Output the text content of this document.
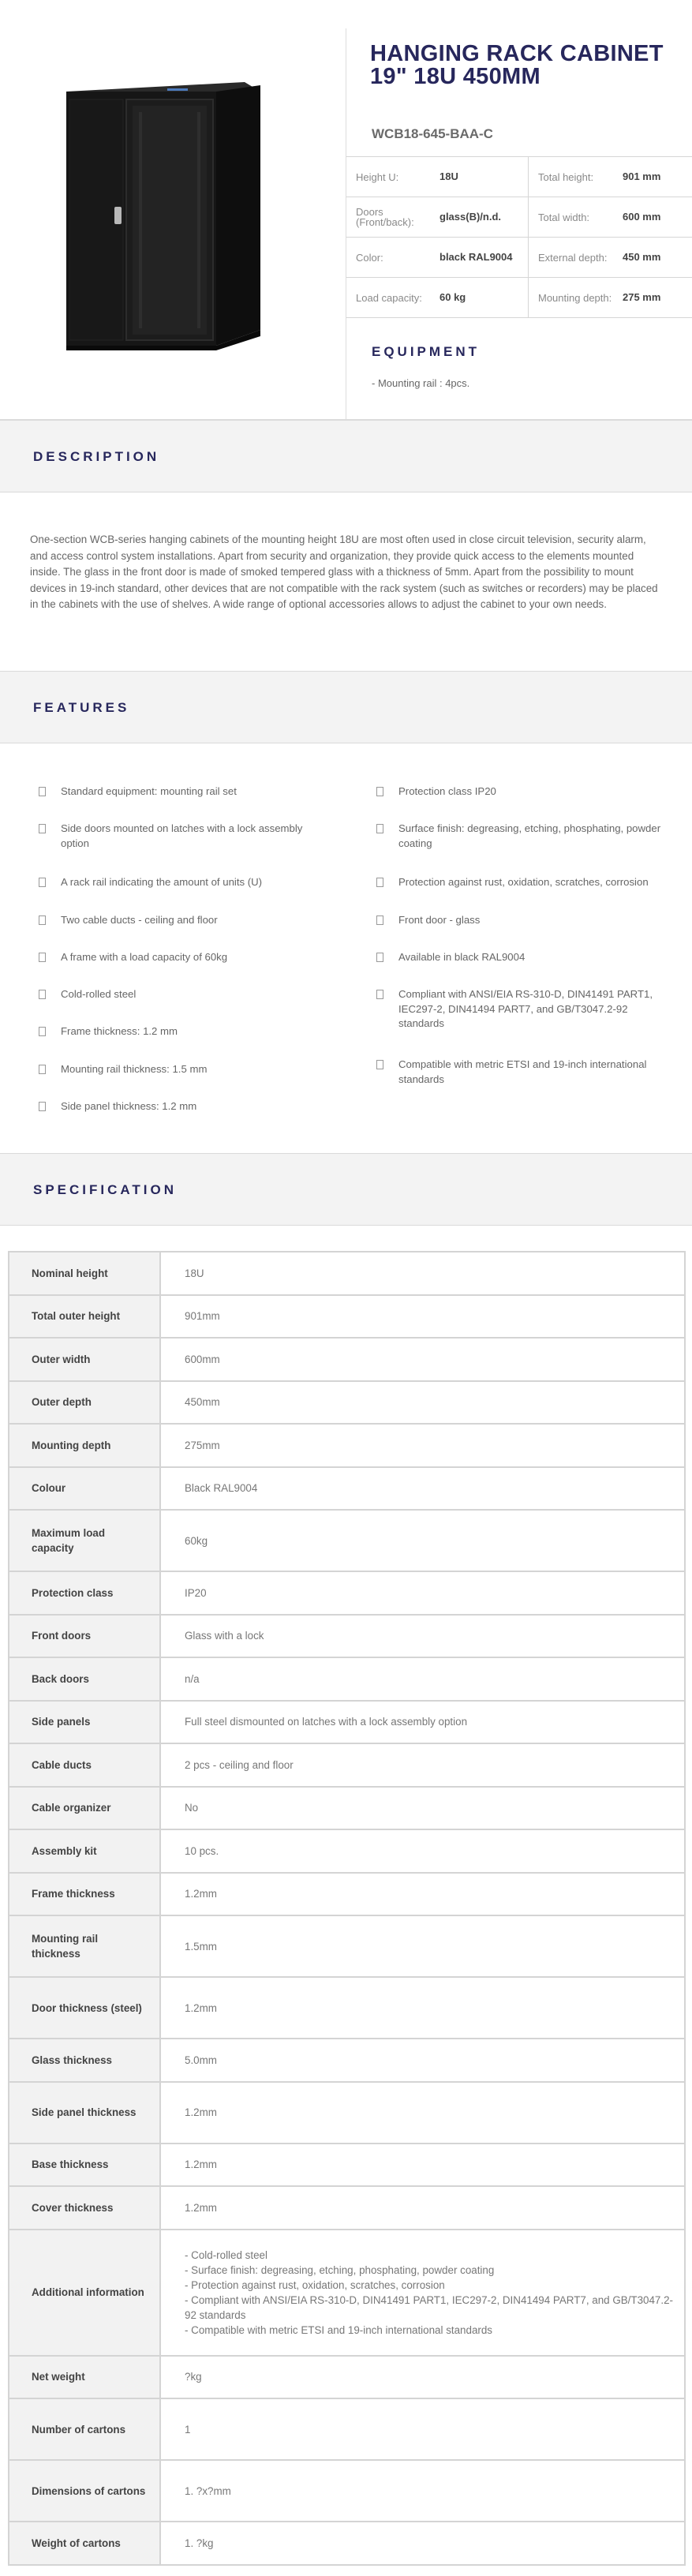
HANGING RACK CABINET 19" 18U 450MM
WCB18-645-BAA-C
Height U:	18U	Total height:	901 mm
Doors (Front/back):	glass(B)/n.d.	Total width:	600 mm
Color:	black RAL9004	External depth:	450 mm
Load capacity:	60 kg	Mounting depth:	275 mm
EQUIPMENT
- Mounting rail : 4pcs.
DESCRIPTION

One-section WCB-series hanging cabinets of the mounting height 18U are most often used in close circuit television, security alarm, and access control system installations. Apart from security and organization, they provide quick access to the elements mounted inside. The glass in the front door is made of smoked tempered glass with a thickness of 5mm. Apart from the possibility to mount devices in 19-inch standard, other devices that are not compatible with the rack system (such as switches or recorders) may be placed in the cabinets with the use of shelves. A wide range of optional accessories allows to adjust the cabinet to your own needs.

FEATURES
Standard equipment: mounting rail set
Side doors mounted on latches with a lock assembly option
A rack rail indicating the amount of units (U)
Two cable ducts - ceiling and floor
A frame with a load capacity of 60kg
Cold-rolled steel
Frame thickness: 1.2 mm
Mounting rail thickness: 1.5 mm
Side panel thickness: 1.2 mm
Protection class IP20
Surface finish: degreasing, etching, phosphating, powder coating
Protection against rust, oxidation, scratches, corrosion
Front door - glass
Available in black RAL9004
Compliant with ANSI/EIA RS-310-D, DIN41491 PART1, IEC297-2, DIN41494 PART7, and GB/T3047.2-92 standards
Compatible with metric ETSI and 19-inch international standards
SPECIFICATION
Nominal height	18U
Total outer height	901mm
Outer width	600mm
Outer depth	450mm
Mounting depth	275mm
Colour	Black RAL9004
Maximum load capacity	60kg
Protection class	IP20
Front doors	Glass with a lock
Back doors	n/a
Side panels	Full steel dismounted on latches with a lock assembly option
Cable ducts	2 pcs - ceiling and floor
Cable organizer	No
Assembly kit	10 pcs.
Frame thickness	1.2mm
Mounting rail thickness	1.5mm
Door thickness (steel)	1.2mm
Glass thickness	5.0mm
Side panel thickness	1.2mm
Base thickness	1.2mm
Cover thickness	1.2mm
Additional information	- Cold-rolled steel
- Surface finish: degreasing, etching, phosphating, powder coating
- Protection against rust, oxidation, scratches, corrosion
- Compliant with ANSI/EIA RS-310-D, DIN41491 PART1, IEC297-2, DIN41494 PART7, and GB/T3047.2-92 standards
- Compatible with metric ETSI and 19-inch international standards

Net weight	?kg
Number of cartons	1
Dimensions of cartons	1. ?x?mm
Weight of cartons	1. ?kg
